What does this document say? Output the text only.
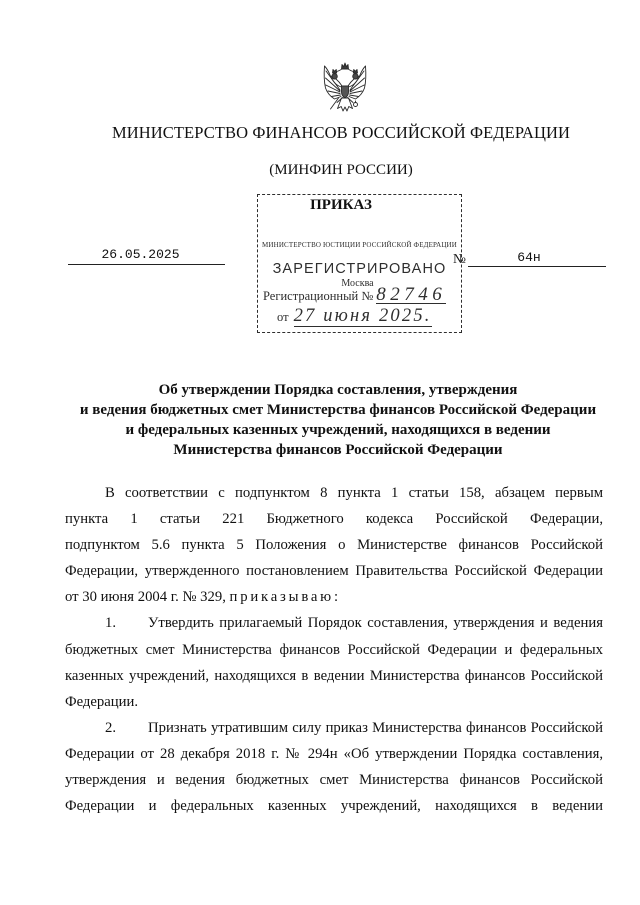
МИНИСТЕРСТВО ФИНАНСОВ РОССИЙСКОЙ ФЕДЕРАЦИИ
(МИНФИН РОССИИ)
ПРИКАЗ
26.05.2025	№	64н
МИНИСТЕРСТВО ЮСТИЦИИ РОССИЙСКОЙ ФЕДЕРАЦИИ
ЗАРЕГИСТРИРОВАНО
Москва
Регистрационный № 82746
от 27 июня 2025.
Об утверждении Порядка составления, утверждения
и ведения бюджетных смет Министерства финансов Российской Федерации
и федеральных казенных учреждений, находящихся в ведении
Министерства финансов Российской Федерации
В соответствии с подпунктом 8 пункта 1 статьи 158, абзацем первым
пункта 1 статьи 221 Бюджетного кодекса Российской Федерации,
подпунктом 5.6 пункта 5 Положения о Министерстве финансов Российской
Федерации, утвержденного постановлением Правительства Российской Федерации
от 30 июня 2004 г. № 329, приказываю:
1.	Утвердить прилагаемый Порядок составления, утверждения и ведения
бюджетных смет Министерства финансов Российской Федерации и федеральных
казенных учреждений, находящихся в ведении Министерства финансов Российской
Федерации.
2.	Признать утратившим силу приказ Министерства финансов Российской
Федерации от 28 декабря 2018 г. № 294н «Об утверждении Порядка составления,
утверждения и ведения бюджетных смет Министерства финансов Российской
Федерации и федеральных казенных учреждений, находящихся в ведении
